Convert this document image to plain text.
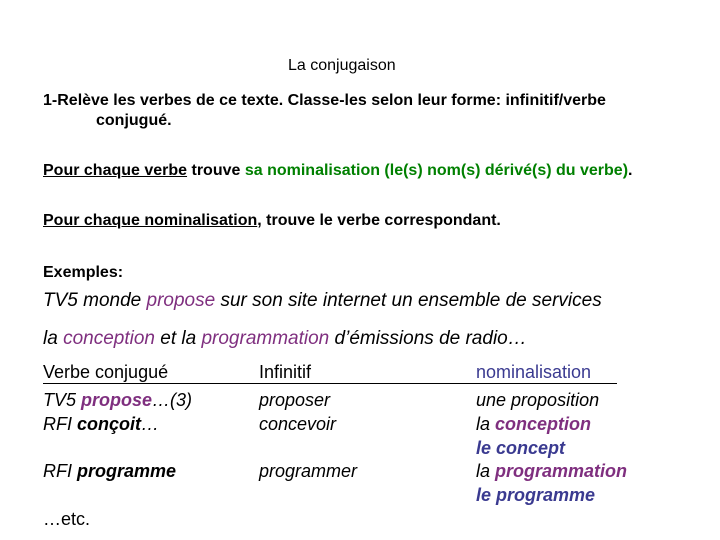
La conjugaison
1-Relève les verbes de ce texte. Classe-les selon leur forme: infinitif/verbe
conjugué.
Pour chaque verbe trouve sa nominalisation (le(s) nom(s) dérivé(s) du verbe).
Pour chaque nominalisation, trouve le verbe correspondant.
Exemples:
TV5 monde propose sur son site internet un ensemble de services
la conception et la programmation d’émissions de radio…
Verbe conjugué	Infinitif	nominalisation
TV5 propose…(3)	proposer	une proposition
RFI conçoit…	concevoir	la conception
le concept
RFI programme	programmer	la programmation
le programme
…etc.
